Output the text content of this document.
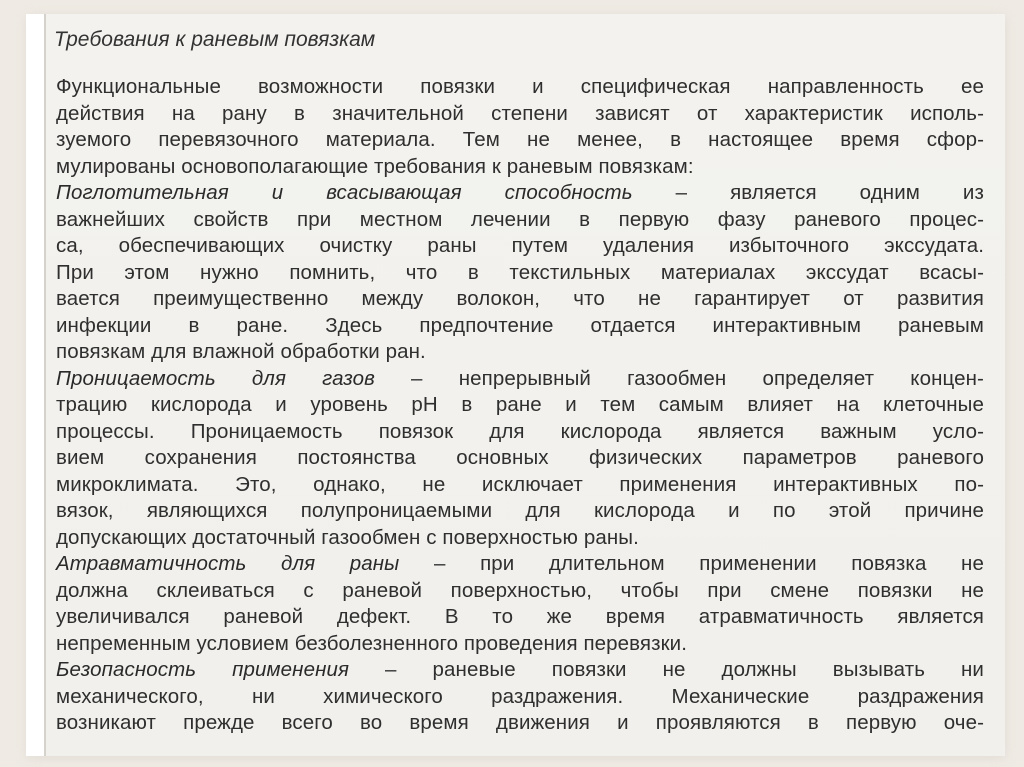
Требования к раневым повязкам
Функциональные возможности повязки и специфическая направленность ее
действия на рану в значительной степени зависят от характеристик исполь-
зуемого перевязочного материала. Тем не менее, в настоящее время сфор-
мулированы основополагающие требования к раневым повязкам:
Поглотительная и всасывающая способность – является одним из
важнейших свойств при местном лечении в первую фазу раневого процес-
са, обеспечивающих очистку раны путем удаления избыточного экссудата.
При этом нужно помнить, что в текстильных материалах экссудат всасы-
вается преимущественно между волокон, что не гарантирует от развития
инфекции в ране. Здесь предпочтение отдается интерактивным раневым
повязкам для влажной обработки ран.
Проницаемость для газов – непрерывный газообмен определяет концен-
трацию кислорода и уровень pH в ране и тем самым влияет на клеточные
процессы. Проницаемость повязок для кислорода является важным усло-
вием сохранения постоянства основных физических параметров раневого
микроклимата. Это, однако, не исключает применения интерактивных по-
вязок, являющихся полупроницаемыми для кислорода и по этой причине
допускающих достаточный газообмен с поверхностью раны.
Атравматичность для раны – при длительном применении повязка не
должна склеиваться с раневой поверхностью, чтобы при смене повязки не
увеличивался раневой дефект. В то же время атравматичность является
непременным условием безболезненного проведения перевязки.
Безопасность применения – раневые повязки не должны вызывать ни
механического, ни химического раздражения. Механические раздражения
возникают прежде всего во время движения и проявляются в первую оче-
